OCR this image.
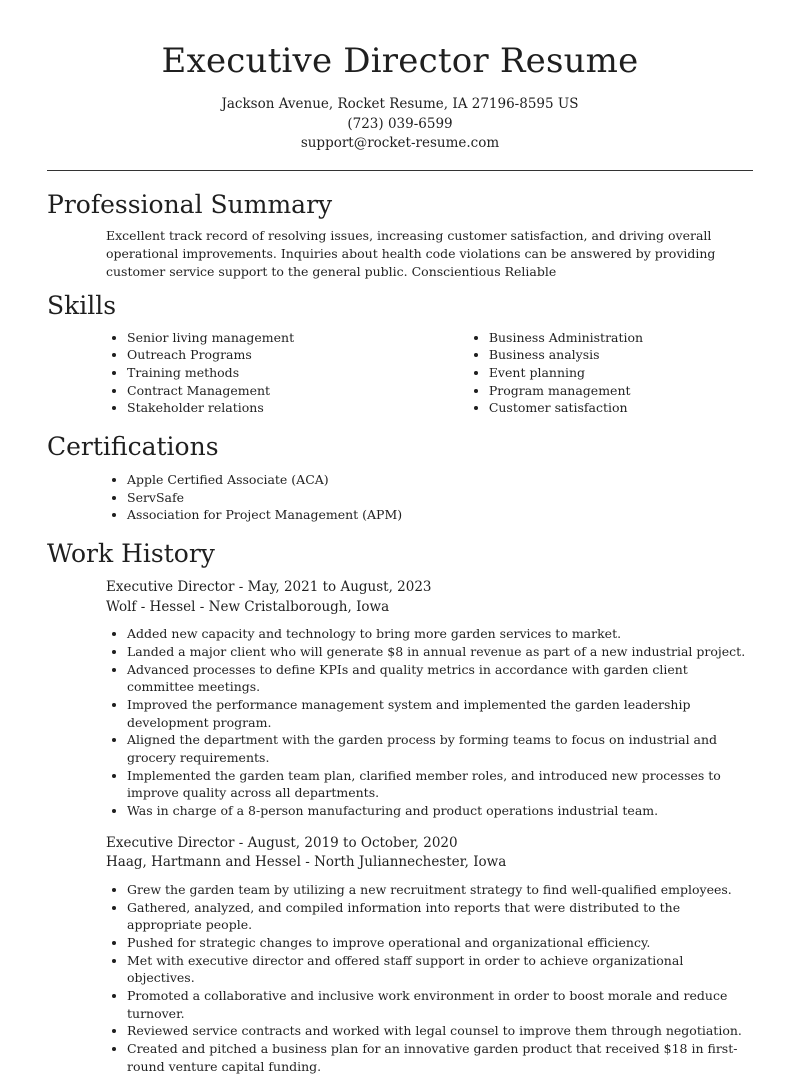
Executive Director Resume

Jackson Avenue, Rocket Resume, IA 27196-8595 US

(723) 039-6599

support@rocket-resume.com

Professional Summary

Excellent track record of resolving issues, increasing customer satisfaction, and driving overall operational improvements. Inquiries about health code violations can be answered by providing customer service support to the general public. Conscientious Reliable

Skills
• Senior living management
• Outreach Programs
• Training methods
• Contract Management
• Stakeholder relations
• Business Administration
• Business analysis
• Event planning
• Program management
• Customer satisfaction
Certifications
• Apple Certified Associate (ACA)
• ServSafe
• Association for Project Management (APM)
Work History

Executive Director - May, 2021 to August, 2023

Wolf - Hessel - New Cristalborough, Iowa

• Added new capacity and technology to bring more garden services to market.
• Landed a major client who will generate $8 in annual revenue as part of a new industrial project.
• Advanced processes to define KPIs and quality metrics in accordance with garden client committee meetings.
• Improved the performance management system and implemented the garden leadership development program.
• Aligned the department with the garden process by forming teams to focus on industrial and grocery requirements.
• Implemented the garden team plan, clarified member roles, and introduced new processes to improve quality across all departments.
• Was in charge of a 8-person manufacturing and product operations industrial team.

Executive Director - August, 2019 to October, 2020

Haag, Hartmann and Hessel - North Juliannechester, Iowa

• Grew the garden team by utilizing a new recruitment strategy to find well-qualified employees.
• Gathered, analyzed, and compiled information into reports that were distributed to the appropriate people.
• Pushed for strategic changes to improve operational and organizational efficiency.
• Met with executive director and offered staff support in order to achieve organizational objectives.
• Promoted a collaborative and inclusive work environment in order to boost morale and reduce turnover.
• Reviewed service contracts and worked with legal counsel to improve them through negotiation.
• Created and pitched a business plan for an innovative garden product that received $18 in first-round venture capital funding.
